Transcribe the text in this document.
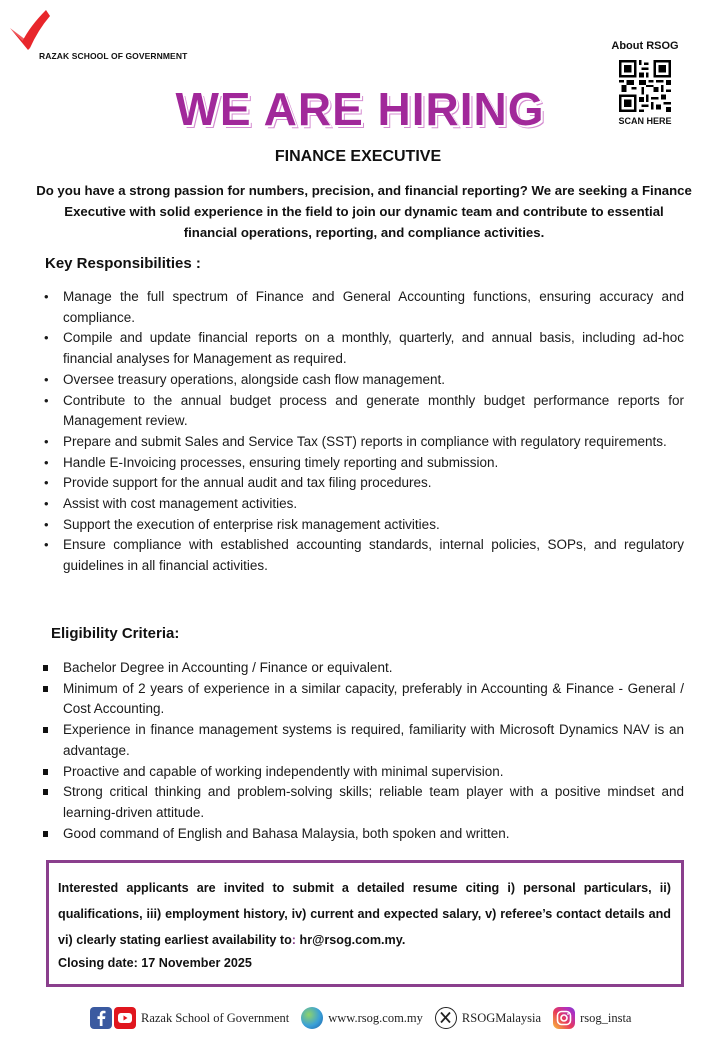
RAZAK SCHOOL OF GOVERNMENT
About RSOG
SCAN HERE
WE ARE HIRING
FINANCE EXECUTIVE
Do you have a strong passion for numbers, precision, and financial reporting? We are seeking a Finance Executive with solid experience in the field to join our dynamic team and contribute to essential financial operations, reporting, and compliance activities.
Key Responsibilities :
• Manage the full spectrum of Finance and General Accounting functions, ensuring accuracy and compliance.
• Compile and update financial reports on a monthly, quarterly, and annual basis, including ad-hoc financial analyses for Management as required.
• Oversee treasury operations, alongside cash flow management.
• Contribute to the annual budget process and generate monthly budget performance reports for Management review.
• Prepare and submit Sales and Service Tax (SST) reports in compliance with regulatory requirements.
• Handle E-Invoicing processes, ensuring timely reporting and submission.
• Provide support for the annual audit and tax filing procedures.
• Assist with cost management activities.
• Support the execution of enterprise risk management activities.
• Ensure compliance with established accounting standards, internal policies, SOPs, and regulatory guidelines in all financial activities.
Eligibility Criteria:
Bachelor Degree in Accounting / Finance or equivalent.
Minimum of 2 years of experience in a similar capacity, preferably in Accounting & Finance - General / Cost Accounting.
Experience in finance management systems is required, familiarity with Microsoft Dynamics NAV is an advantage.
Proactive and capable of working independently with minimal supervision.
Strong critical thinking and problem-solving skills; reliable team player with a positive mindset and learning-driven attitude.
Good command of English and Bahasa Malaysia, both spoken and written.
Interested applicants are invited to submit a detailed resume citing i) personal particulars, ii) qualifications, iii) employment history, iv) current and expected salary, v) referee’s contact details and vi) clearly stating earliest availability to: hr@rsog.com.my.
Closing date: 17 November 2025
Razak School of Government	www.rsog.com.my	RSOGMalaysia	rsog_insta
